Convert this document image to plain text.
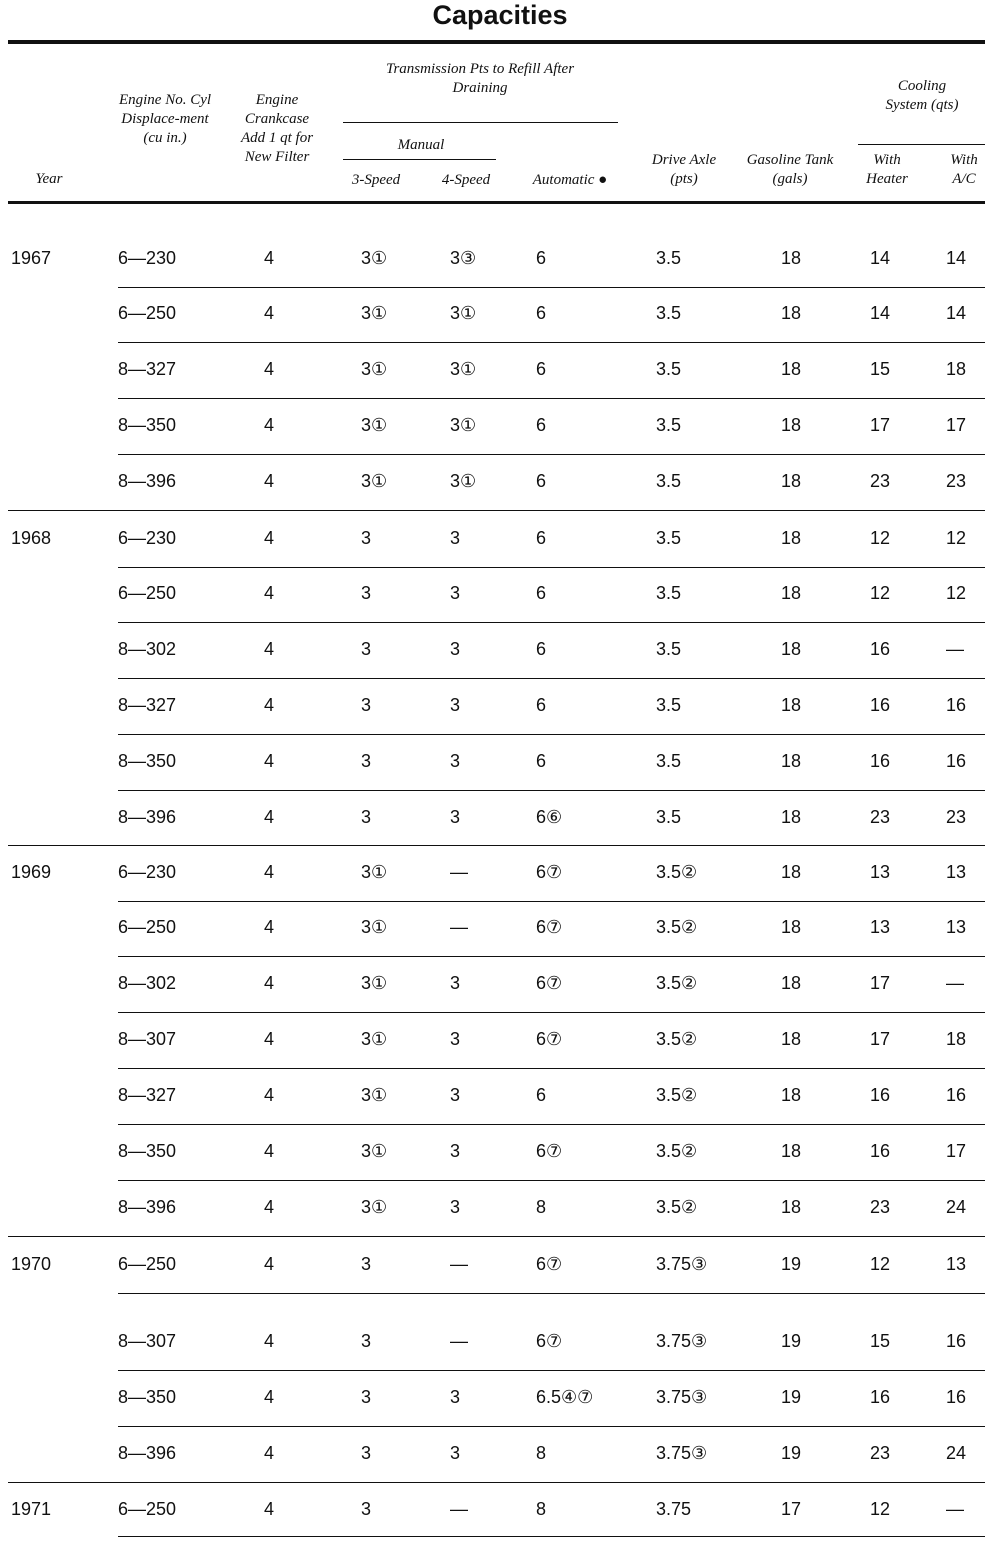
Capacities
Year
Engine No. Cyl Displace-ment (cu in.)
Engine Crankcase Add 1 qt for New Filter
Transmission Pts to Refill After Draining
Manual
3-Speed	4-Speed	Automatic ●
Drive Axle (pts)
Gasoline Tank (gals)
Cooling System (qts)
With Heater
With A/C
1967	6—230	4	3①	3③	6	3.5	18	14	14
6—250	4	3①	3①	6	3.5	18	14	14
8—327	4	3①	3①	6	3.5	18	15	18
8—350	4	3①	3①	6	3.5	18	17	17
8—396	4	3①	3①	6	3.5	18	23	23
1968	6—230	4	3	3	6	3.5	18	12	12
6—250	4	3	3	6	3.5	18	12	12
8—302	4	3	3	6	3.5	18	16	—
8—327	4	3	3	6	3.5	18	16	16
8—350	4	3	3	6	3.5	18	16	16
8—396	4	3	3	6⑥	3.5	18	23	23
1969	6—230	4	3①	—	6⑦	3.5②	18	13	13
6—250	4	3①	—	6⑦	3.5②	18	13	13
8—302	4	3①	3	6⑦	3.5②	18	17	—
8—307	4	3①	3	6⑦	3.5②	18	17	18
8—327	4	3①	3	6	3.5②	18	16	16
8—350	4	3①	3	6⑦	3.5②	18	16	17
8—396	4	3①	3	8	3.5②	18	23	24
1970	6—250	4	3	—	6⑦	3.75③	19	12	13
8—307	4	3	—	6⑦	3.75③	19	15	16
8—350	4	3	3	6.5④⑦	3.75③	19	16	16
8—396	4	3	3	8	3.75③	19	23	24
1971	6—250	4	3	—	8	3.75	17	12	—
